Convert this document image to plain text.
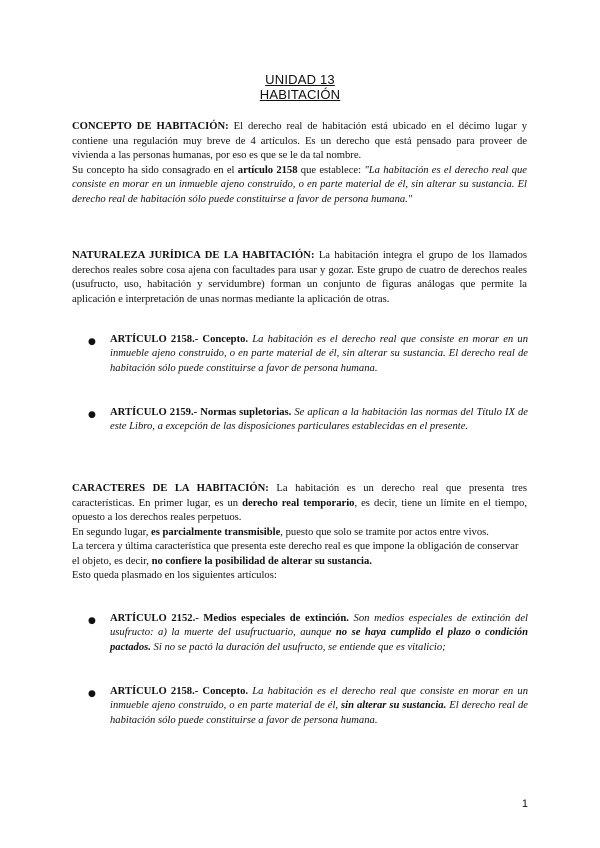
UNIDAD 13
HABITACIÓN

CONCEPTO DE HABITACIÓN: El derecho real de habitación está ubicado en el décimo lugar y contiene una regulación muy breve de 4 artículos. Es un derecho que está pensado para proveer de vivienda a las personas humanas, por eso es que se le da tal nombre.

Su concepto ha sido consagrado en el artículo 2158 que establece: "La habitación es el derecho real que consiste en morar en un inmueble ajeno construido, o en parte material de él, sin alterar su sustancia. El derecho real de habitación sólo puede constituirse a favor de persona humana."

NATURALEZA JURÍDICA DE LA HABITACIÓN: La habitación integra el grupo de los llamados derechos reales sobre cosa ajena con facultades para usar y gozar. Este grupo de cuatro de derechos reales (usufructo, uso, habitación y servidumbre) forman un conjunto de figuras análogas que permite la aplicación e interpretación de unas normas mediante la aplicación de otras.

● ARTÍCULO 2158.- Concepto. La habitación es el derecho real que consiste en morar en un inmueble ajeno construido, o en parte material de él, sin alterar su sustancia. El derecho real de habitación sólo puede constituirse a favor de persona humana.
● ARTÍCULO 2159.- Normas supletorias. Se aplican a la habitación las normas del Título IX de este Libro, a excepción de las disposiciones particulares establecidas en el presente.

CARACTERES DE LA HABITACIÓN: La habitación es un derecho real que presenta tres características. En primer lugar, es un derecho real temporario, es decir, tiene un límite en el tiempo, opuesto a los derechos reales perpetuos.

En segundo lugar, es parcialmente transmisible, puesto que solo se tramite por actos entre vivos.

La tercera y última característica que presenta este derecho real es que impone la obligación de conservar el objeto, es decir, no confiere la posibilidad de alterar su sustancia.

Esto queda plasmado en los siguientes artículos:

● ARTÍCULO 2152.- Medios especiales de extinción. Son medios especiales de extinción del usufructo: a) la muerte del usufructuario, aunque no se haya cumplido el plazo o condición pactados. Si no se pactó la duración del usufructo, se entiende que es vitalicio;
● ARTÍCULO 2158.- Concepto. La habitación es el derecho real que consiste en morar en un inmueble ajeno construido, o en parte material de él, sin alterar su sustancia. El derecho real de habitación sólo puede constituirse a favor de persona humana.
1
